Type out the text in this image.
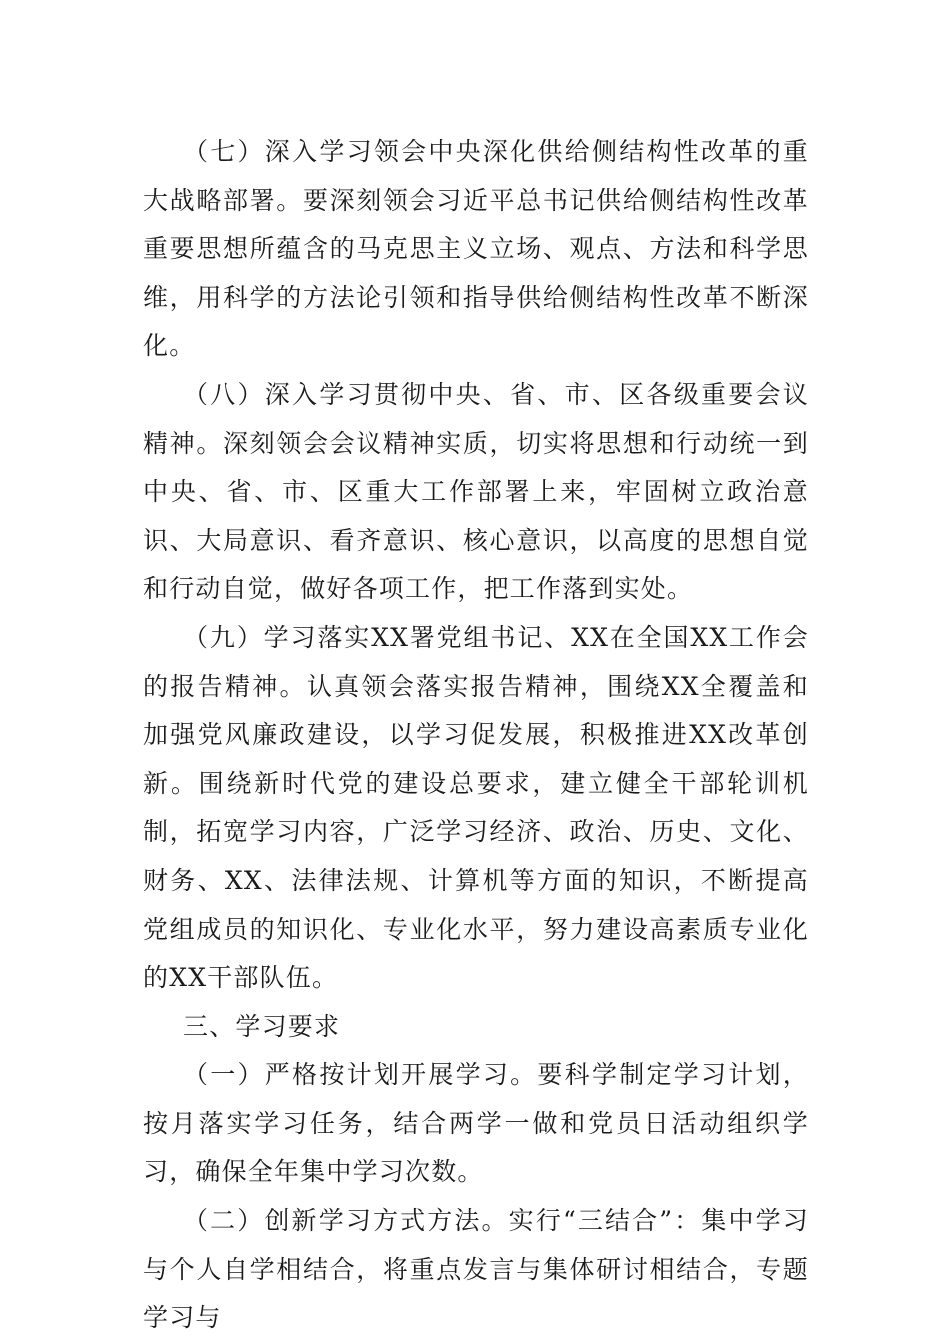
（七）深入学习领会中央深化供给侧结构性改革的重大战略部署。要深刻领会习近平总书记供给侧结构性改革重要思想所蕴含的马克思主义立场、观点、方法和科学思维，用科学的方法论引领和指导供给侧结构性改革不断深化。

（八）深入学习贯彻中央、省、市、区各级重要会议精神。深刻领会会议精神实质，切实将思想和行动统一到中央、省、市、区重大工作部署上来，牢固树立政治意识、大局意识、看齐意识、核心意识，以高度的思想自觉和行动自觉，做好各项工作，把工作落到实处。

（九）学习落实XX署党组书记、XX在全国XX工作会的报告精神。认真领会落实报告精神，围绕XX全覆盖和加强党风廉政建设，以学习促发展，积极推进XX改革创新。围绕新时代党的建设总要求，建立健全干部轮训机制，拓宽学习内容，广泛学习经济、政治、历史、文化、财务、XX、法律法规、计算机等方面的知识，不断提高党组成员的知识化、专业化水平，努力建设高素质专业化的XX干部队伍。

三、学习要求

（一）严格按计划开展学习。要科学制定学习计划，按月落实学习任务，结合两学一做和党员日活动组织学习，确保全年集中学习次数。

（二）创新学习方式方法。实行“三结合”：集中学习与个人自学相结合，将重点发言与集体研讨相结合，专题学习与
